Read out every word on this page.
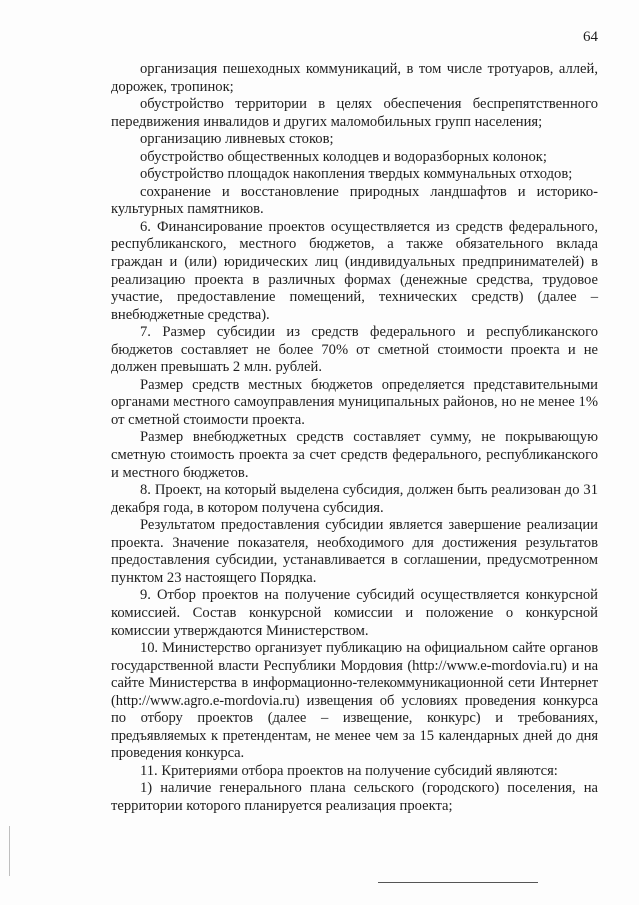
64

организация пешеходных коммуникаций, в том числе тротуаров, аллей, дорожек, тропинок;

обустройство территории в целях обеспечения беспрепятственного передвижения инвалидов и других маломобильных групп населения;

организацию ливневых стоков;

обустройство общественных колодцев и водоразборных колонок;

обустройство площадок накопления твердых коммунальных отходов;

сохранение и восстановление природных ландшафтов и историко-культурных памятников.

6. Финансирование проектов осуществляется из средств федерального, республиканского, местного бюджетов, а также обязательного вклада граждан и (или) юридических лиц (индивидуальных предпринимателей) в реализацию проекта в различных формах (денежные средства, трудовое участие, предоставление помещений, технических средств) (далее – внебюджетные средства).

7. Размер субсидии из средств федерального и республиканского бюджетов составляет не более 70% от сметной стоимости проекта и не должен превышать 2 млн. рублей.

Размер средств местных бюджетов определяется представительными органами местного самоуправления муниципальных районов, но не менее 1% от сметной стоимости проекта.

Размер внебюджетных средств составляет сумму, не покрывающую сметную стоимость проекта за счет средств федерального, республиканского и местного бюджетов.

8. Проект, на который выделена субсидия, должен быть реализован до 31 декабря года, в котором получена субсидия.

Результатом предоставления субсидии является завершение реализации проекта. Значение показателя, необходимого для достижения результатов предоставления субсидии, устанавливается в соглашении, предусмотренном пунктом 23 настоящего Порядка.

9. Отбор проектов на получение субсидий осуществляется конкурсной комиссией. Состав конкурсной комиссии и положение о конкурсной комиссии утверждаются Министерством.

10. Министерство организует публикацию на официальном сайте органов государственной власти Республики Мордовия (http://www.e-mordovia.ru) и на сайте Министерства в информационно-телекоммуникационной сети Интернет (http://www.agro.e-mordovia.ru) извещения об условиях проведения конкурса по отбору проектов (далее – извещение, конкурс) и требованиях, предъявляемых к претендентам, не менее чем за 15 календарных дней до дня проведения конкурса.

11. Критериями отбора проектов на получение субсидий являются:

1) наличие генерального плана сельского (городского) поселения, на территории которого планируется реализация проекта;
